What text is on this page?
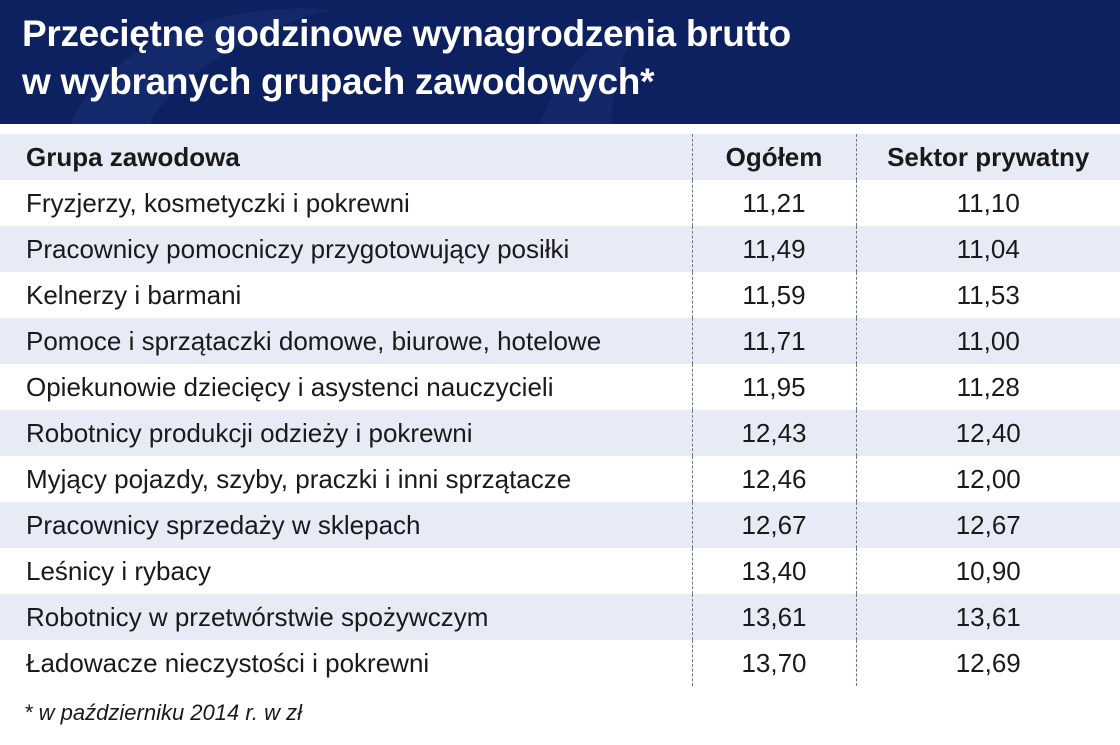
Przeciętne godzinowe wynagrodzenia brutto
w wybranych grupach zawodowych*
Grupa zawodowa	Ogółem	Sektor prywatny
Fryzjerzy, kosmetyczki i pokrewni	11,21	11,10
Pracownicy pomocniczy przygotowujący posiłki	11,49	11,04
Kelnerzy i barmani	11,59	11,53
Pomoce i sprzątaczki domowe, biurowe, hotelowe	11,71	11,00
Opiekunowie dziecięcy i asystenci nauczycieli	11,95	11,28
Robotnicy produkcji odzieży i pokrewni	12,43	12,40
Myjący pojazdy, szyby, praczki i inni sprzątacze	12,46	12,00
Pracownicy sprzedaży w sklepach	12,67	12,67
Leśnicy i rybacy	13,40	10,90
Robotnicy w przetwórstwie spożywczym	13,61	13,61
Ładowacze nieczystości i pokrewni	13,70	12,69
* w październiku 2014 r. w zł
